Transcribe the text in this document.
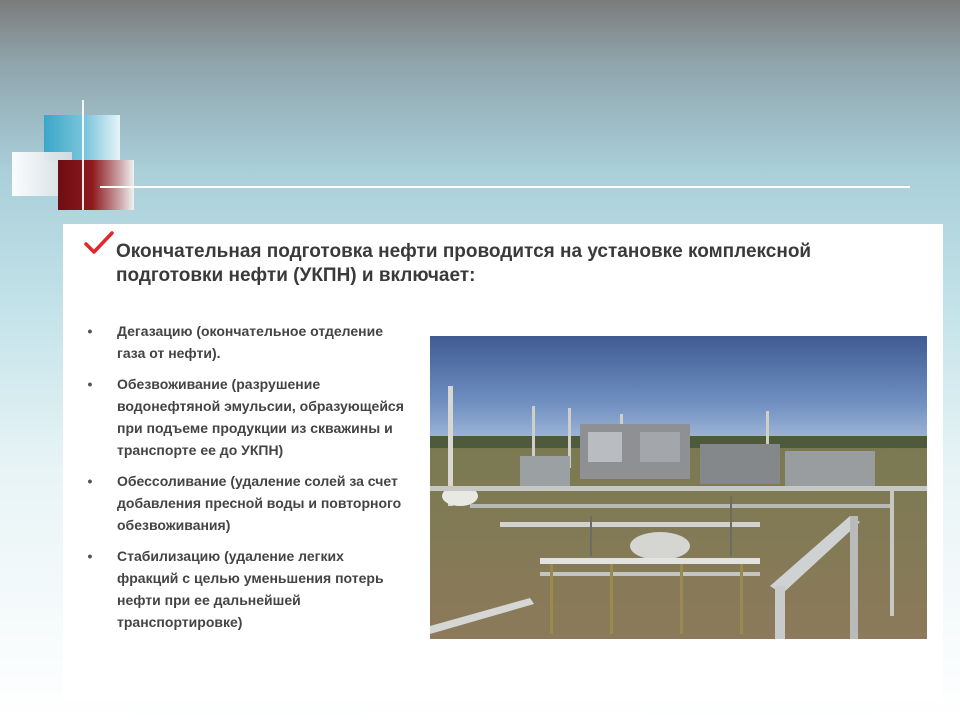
Окончательная подготовка нефти проводится на установке комплексной подготовки нефти (УКПН) и включает:
• Дегазацию (окончательное отделение газа от нефти).
• Обезвоживание (разрушение водонефтяной эмульсии, образующейся при подъеме продукции из скважины и транспорте ее до УКПН)
• Обессоливание (удаление солей за счет добавления пресной воды и повторного обезвоживания)
• Стабилизацию (удаление легких фракций с целью уменьшения потерь нефти при ее дальнейшей транспортировке)
